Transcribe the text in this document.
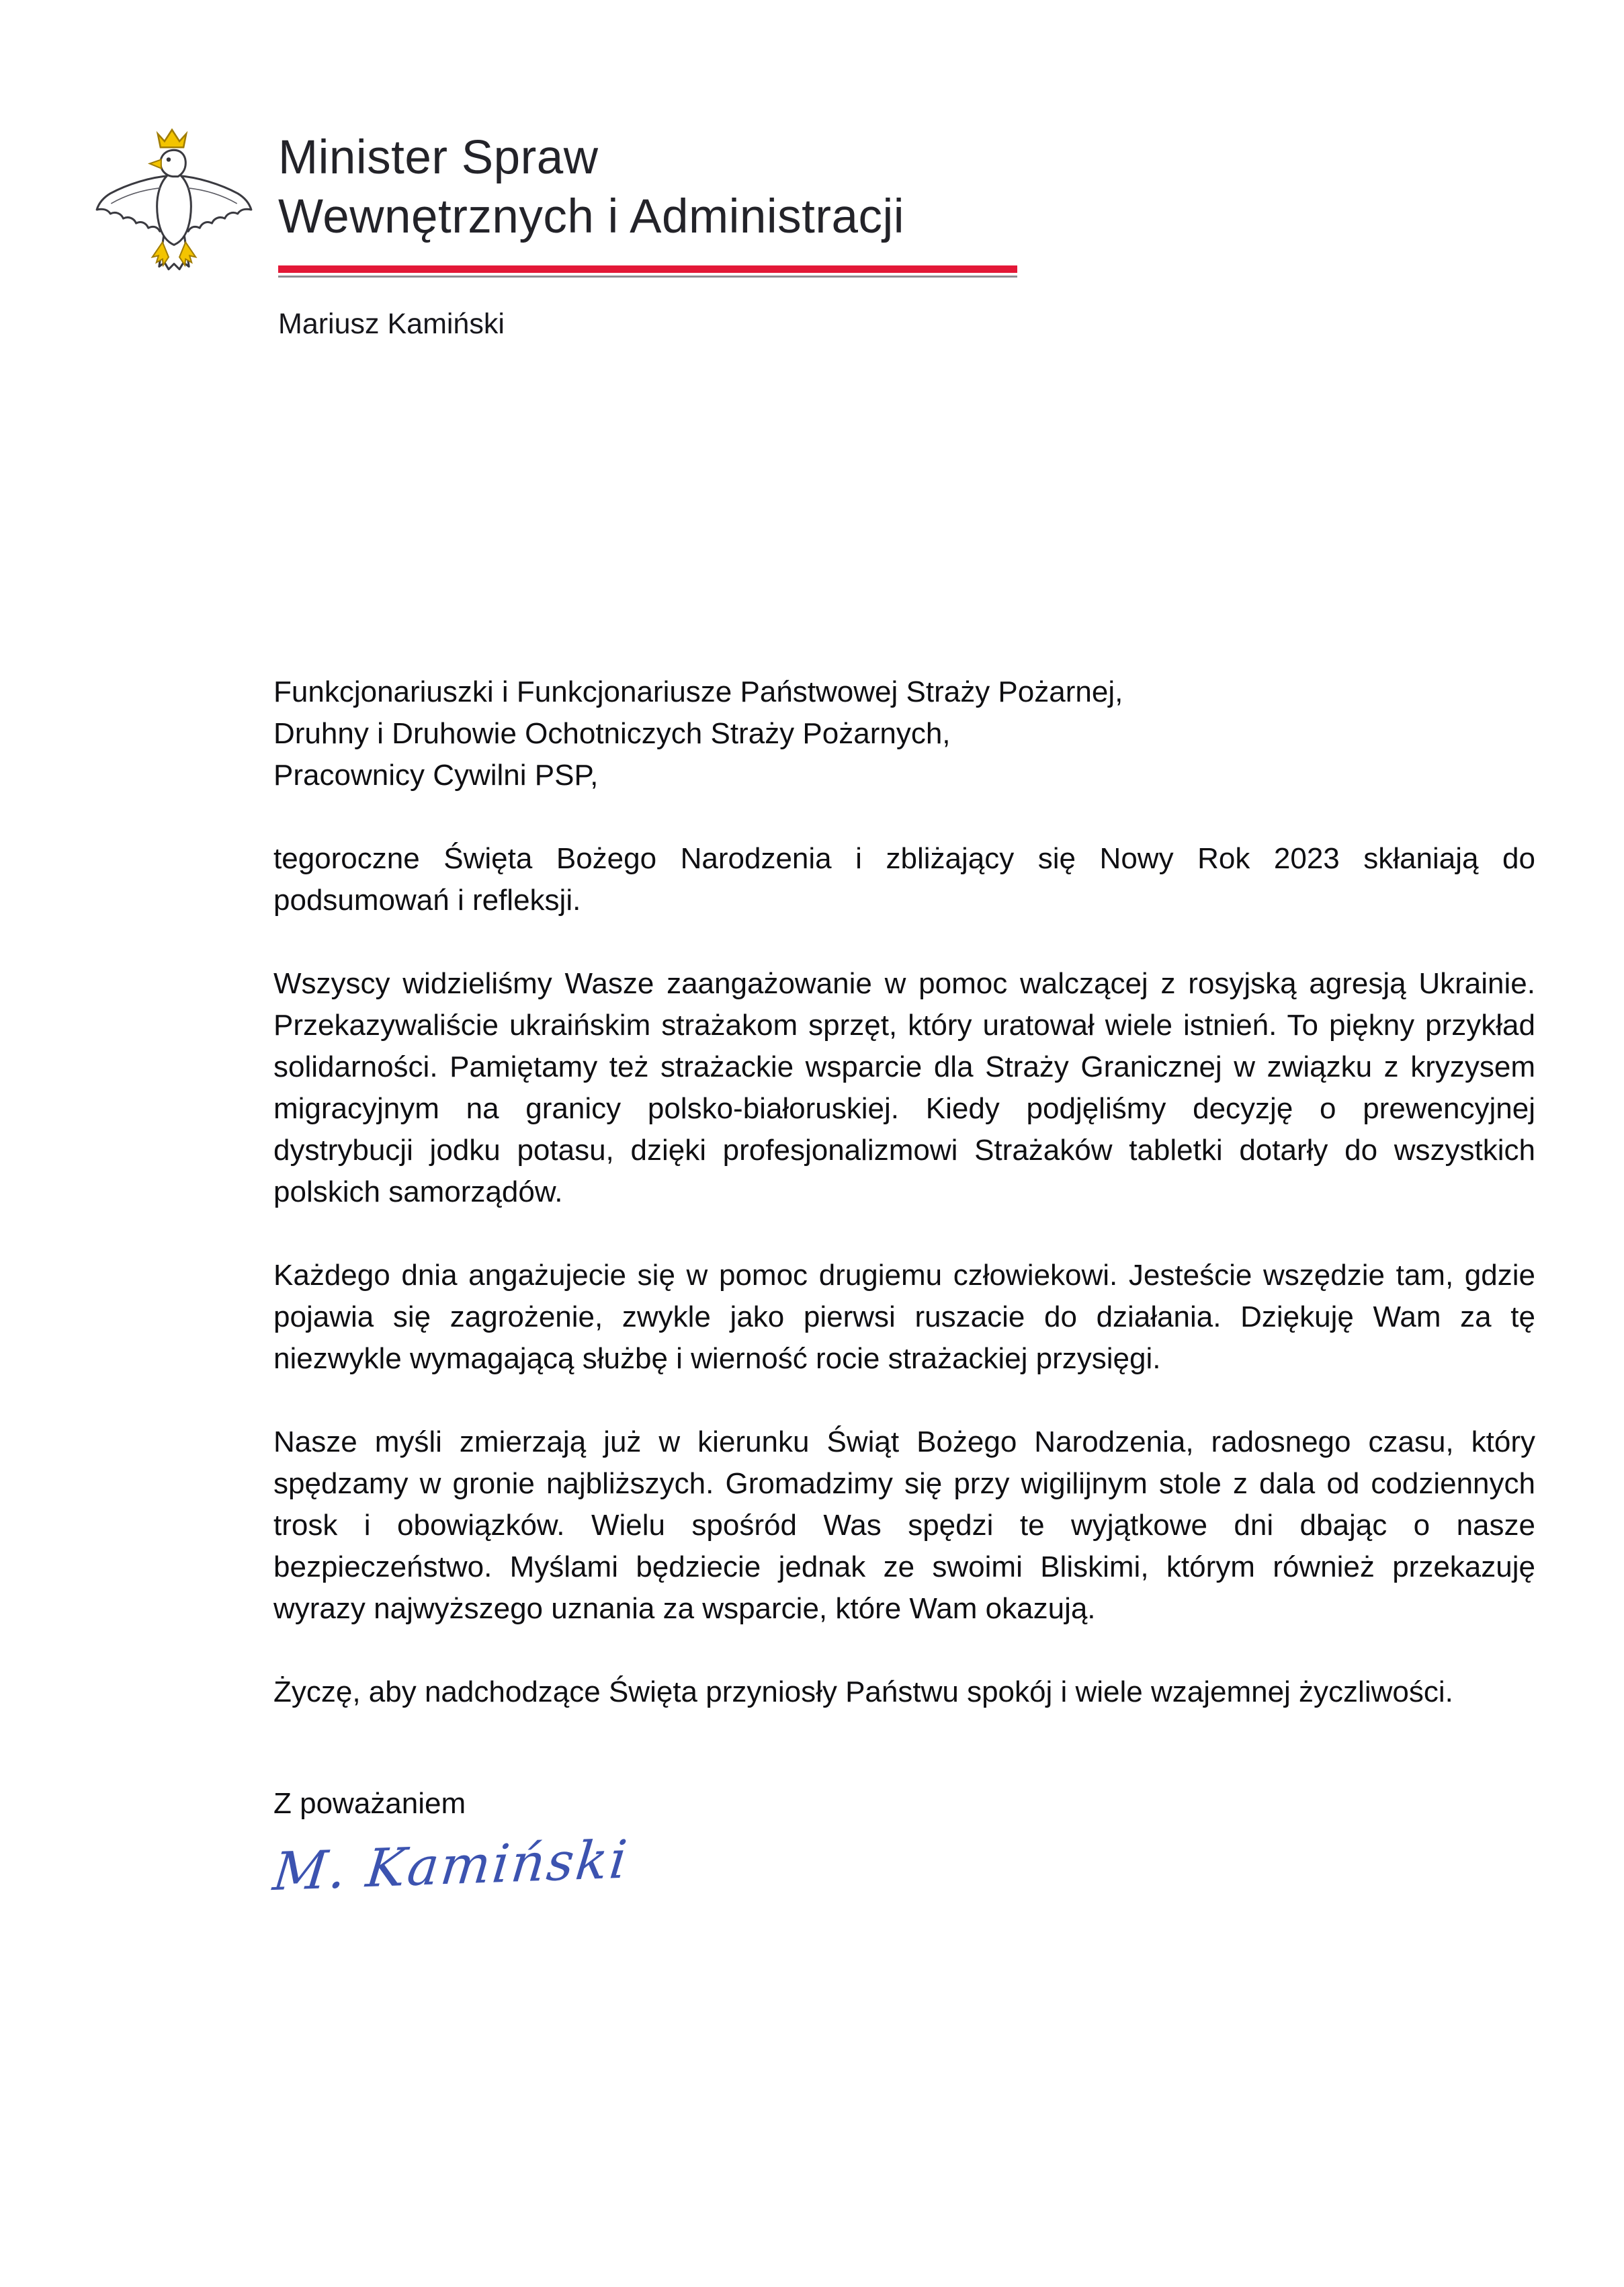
Minister Spraw
Wewnętrznych i Administracji
Mariusz Kamiński

Funkcjonariuszki i Funkcjonariusze Państwowej Straży Pożarnej,
Druhny i Druhowie Ochotniczych Straży Pożarnych,
Pracownicy Cywilni PSP,

tegoroczne Święta Bożego Narodzenia i zbliżający się Nowy Rok 2023 skłaniają do podsumowań i refleksji.

Wszyscy widzieliśmy Wasze zaangażowanie w pomoc walczącej z rosyjską agresją Ukrainie. Przekazywaliście ukraińskim strażakom sprzęt, który uratował wiele istnień. To piękny przykład solidarności. Pamiętamy też strażackie wsparcie dla Straży Granicznej w związku z kryzysem migracyjnym na granicy polsko-białoruskiej. Kiedy podjęliśmy decyzję o prewencyjnej dystrybucji jodku potasu, dzięki profesjonalizmowi Strażaków tabletki dotarły do wszystkich polskich samorządów.

Każdego dnia angażujecie się w pomoc drugiemu człowiekowi. Jesteście wszędzie tam, gdzie pojawia się zagrożenie, zwykle jako pierwsi ruszacie do działania. Dziękuję Wam za tę niezwykle wymagającą służbę i wierność rocie strażackiej przysięgi.

Nasze myśli zmierzają już w kierunku Świąt Bożego Narodzenia, radosnego czasu, który spędzamy w gronie najbliższych. Gromadzimy się przy wigilijnym stole z dala od codziennych trosk i obowiązków. Wielu spośród Was spędzi te wyjątkowe dni dbając o nasze bezpieczeństwo. Myślami będziecie jednak ze swoimi Bliskimi, którym również przekazuję wyrazy najwyższego uznania za wsparcie, które Wam okazują.

Życzę, aby nadchodzące Święta przyniosły Państwu spokój i wiele wzajemnej życzliwości.

Z poważaniem

M. Kamiński
